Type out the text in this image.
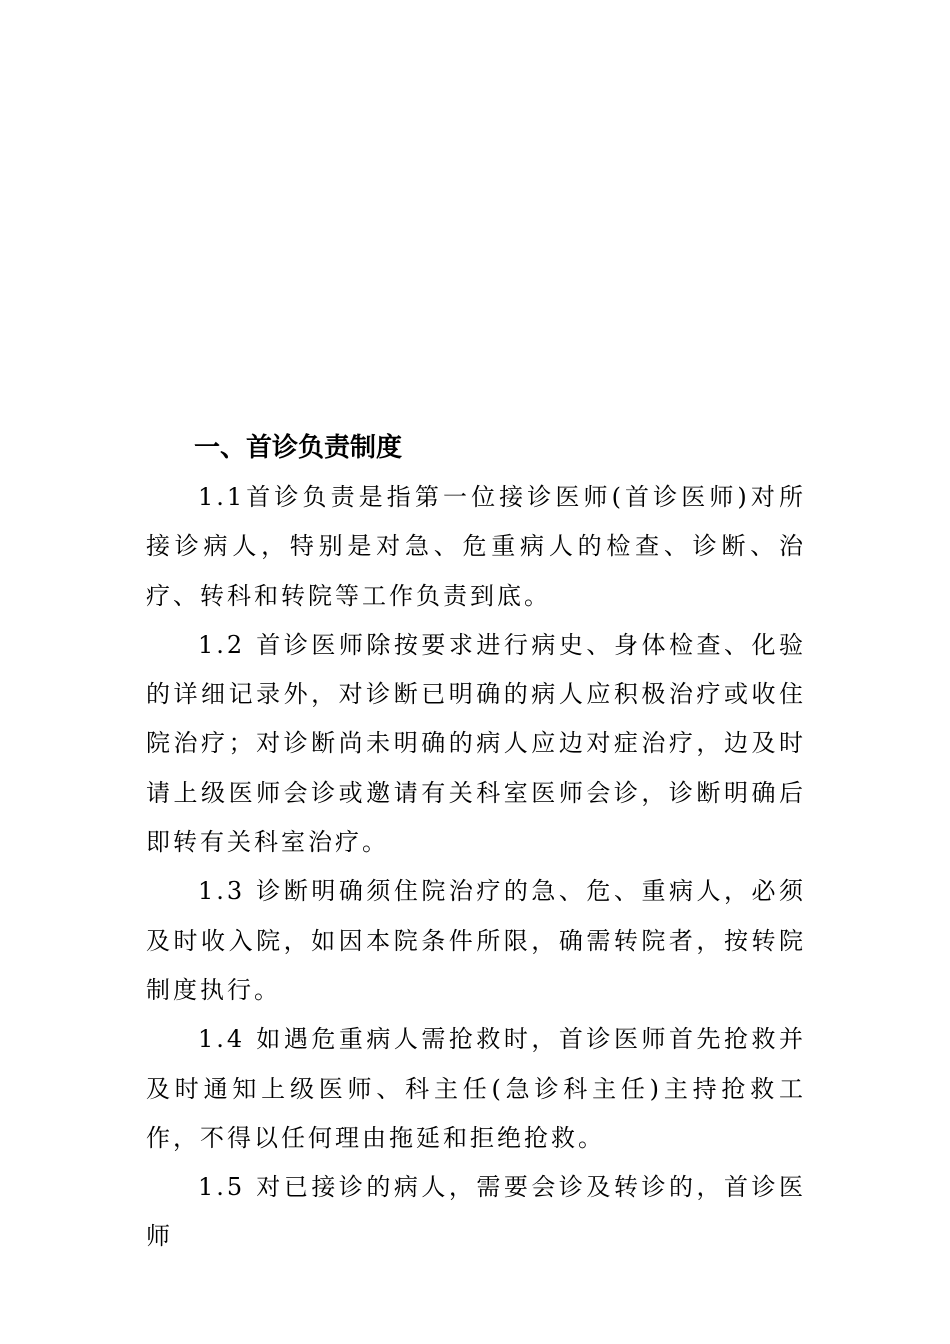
一、首诊负责制度

1.1首诊负责是指第一位接诊医师(首诊医师)对所接诊病人，特别是对急、危重病人的检查、诊断、治疗、转科和转院等工作负责到底。

1.2 首诊医师除按要求进行病史、身体检查、化验的详细记录外，对诊断已明确的病人应积极治疗或收住院治疗；对诊断尚未明确的病人应边对症治疗，边及时请上级医师会诊或邀请有关科室医师会诊，诊断明确后即转有关科室治疗。

1.3 诊断明确须住院治疗的急、危、重病人，必须及时收入院，如因本院条件所限，确需转院者，按转院制度执行。

1.4 如遇危重病人需抢救时，首诊医师首先抢救并及时通知上级医师、科主任(急诊科主任)主持抢救工作，不得以任何理由拖延和拒绝抢救。

1.5 对已接诊的病人，需要会诊及转诊的，首诊医师
